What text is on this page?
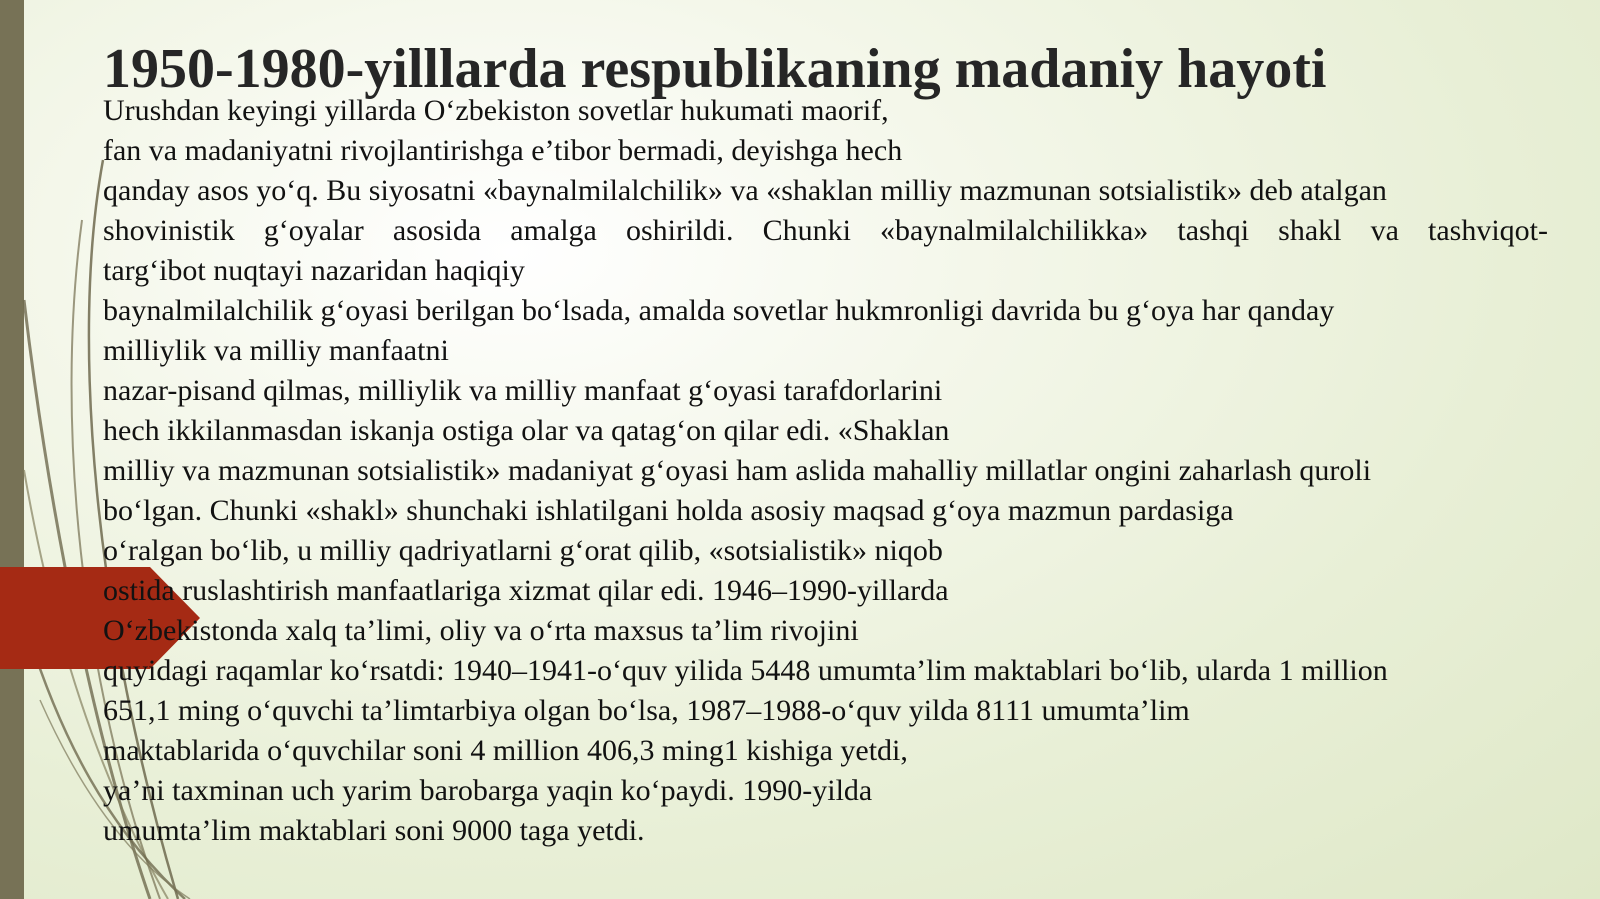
1950-1980-yilllarda respublikaning madaniy hayoti
Urushdan keyingi yillarda O‘zbekiston sovetlar hukumati maorif,
fan va madaniyatni rivojlantirishga e’tibor bermadi, deyishga hech
qanday asos yo‘q. Bu siyosatni «baynalmilalchilik» va «shaklan milliy mazmunan sotsialistik» deb atalgan
shovinistik g‘oyalar asosida amalga oshirildi. Chunki «baynalmilalchilikka» tashqi shakl va tashviqot-
targ‘ibot nuqtayi nazaridan haqiqiy
baynalmilalchilik g‘oyasi berilgan bo‘lsada, amalda sovetlar hukmronligi davrida bu g‘oya har qanday
milliylik va milliy manfaatni
nazar-pisand qilmas, milliylik va milliy manfaat g‘oyasi tarafdorlarini
hech ikkilanmasdan iskanja ostiga olar va qatag‘on qilar edi. «Shaklan
milliy va mazmunan sotsialistik» madaniyat g‘oyasi ham aslida mahalliy millatlar ongini zaharlash quroli
bo‘lgan. Chunki «shakl» shunchaki ishlatilgani holda asosiy maqsad g‘oya mazmun pardasiga
o‘ralgan bo‘lib, u milliy qadriyatlarni g‘orat qilib, «sotsialistik» niqob
ostida ruslashtirish manfaatlariga xizmat qilar edi. 1946–1990-yillarda
O‘zbekistonda xalq ta’limi, oliy va o‘rta maxsus ta’lim rivojini
quyidagi raqamlar ko‘rsatdi: 1940–1941-o‘quv yilida 5448 umumta’lim maktablari bo‘lib, ularda 1 million
651,1 ming o‘quvchi ta’limtarbiya olgan bo‘lsa, 1987–1988-o‘quv yilda 8111 umumta’lim
maktablarida o‘quvchilar soni 4 million 406,3 ming1 kishiga yetdi,
ya’ni taxminan uch yarim barobarga yaqin ko‘paydi. 1990-yilda
umumta’lim maktablari soni 9000 taga yetdi.
